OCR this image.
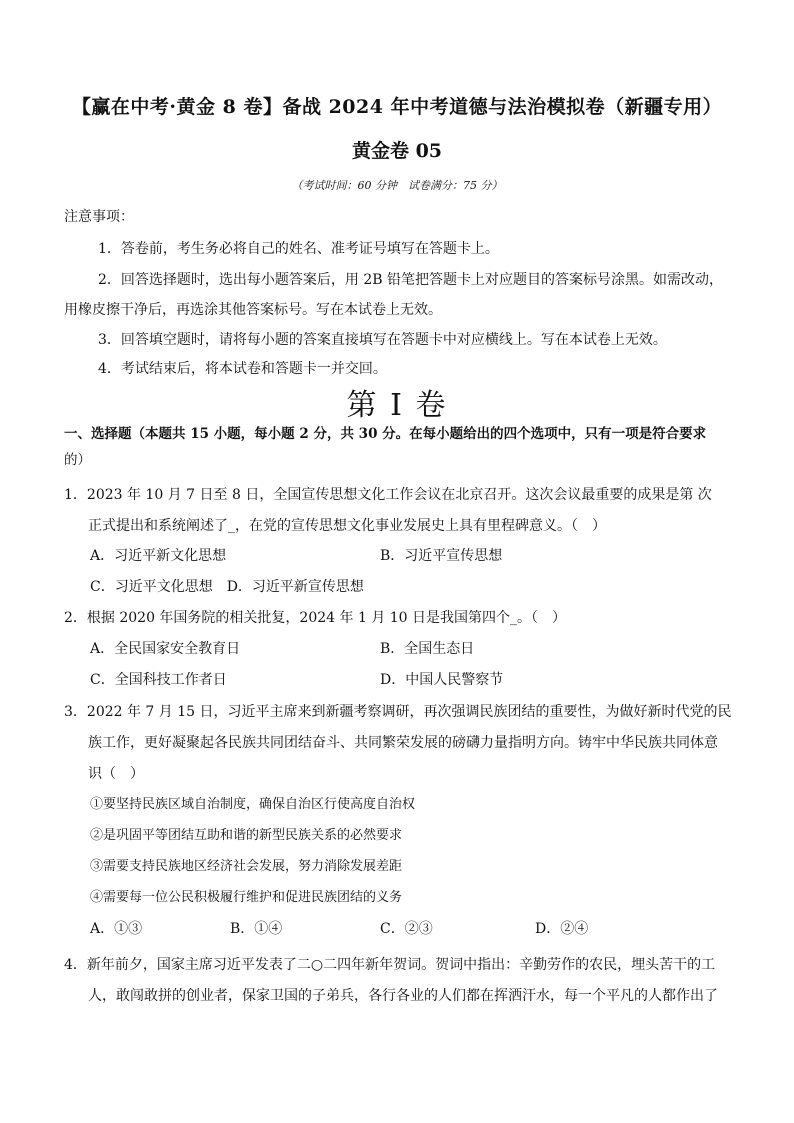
【赢在中考·黄金 8 卷】备战 2024 年中考道德与法治模拟卷（新疆专用）
黄金卷 05
（考试时间：60 分钟　试卷满分：75 分）
注意事项：
1．答卷前，考生务必将自己的姓名、准考证号填写在答题卡上。
2．回答选择题时，选出每小题答案后，用 2B 铅笔把答题卡上对应题目的答案标号涂黑。如需改动，
用橡皮擦干净后，再选涂其他答案标号。写在本试卷上无效。
3．回答填空题时，请将每小题的答案直接填写在答题卡中对应横线上。写在本试卷上无效。
4．考试结束后，将本试卷和答题卡一并交回。
第 I 卷
一、选择题（本题共 15 小题，每小题 2 分，共 30 分。在每小题给出的四个选项中，只有一项是符合要求
的）
1．2023 年 10 月 7 日至 8 日，全国宣传思想文化工作会议在北京召开。这次会议最重要的成果是第 次
正式提出和系统阐述了_，在党的宣传思想文化事业发展史上具有里程碑意义。（　）
A．习近平新文化思想	B．习近平宣传思想
C．习近平文化思想　D．习近平新宣传思想
2．根据 2020 年国务院的相关批复，2024 年 1 月 10 日是我国第四个_。（　）
A．全民国家安全教育日	B．全国生态日
C．全国科技工作者日	D．中国人民警察节
3．2022 年 7 月 15 日，习近平主席来到新疆考察调研，再次强调民族团结的重要性，为做好新时代党的民
族工作，更好凝聚起各民族共同团结奋斗、共同繁荣发展的磅礴力量指明方向。铸牢中华民族共同体意
识（　）
①要坚持民族区域自治制度，确保自治区行使高度自治权
②是巩固平等团结互助和谐的新型民族关系的必然要求
③需要支持民族地区经济社会发展，努力消除发展差距
④需要每一位公民积极履行维护和促进民族团结的义务
A．①③	B．①④	C．②③	D．②④
4．新年前夕，国家主席习近平发表了二○二四年新年贺词。贺词中指出：辛勤劳作的农民，埋头苦干的工
人，敢闯敢拼的创业者，保家卫国的子弟兵，各行各业的人们都在挥洒汗水，每一个平凡的人都作出了
